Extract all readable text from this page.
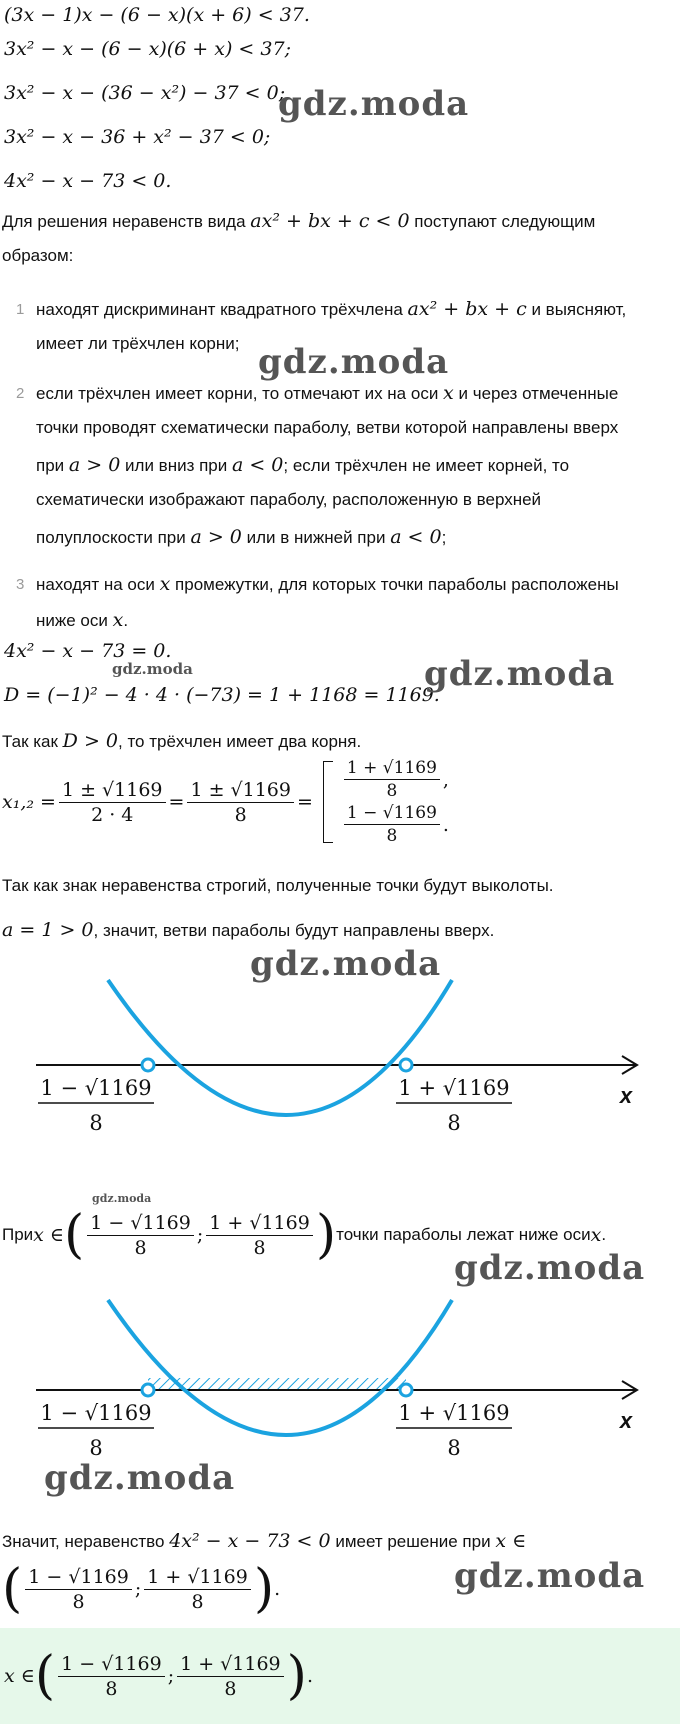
(3x − 1)x − (6 − x)(x + 6) < 37.
3x² − x − (6 − x)(6 + x) < 37;
3x² − x − (36 − x²) − 37 < 0;
3x² − x − 36 + x² − 37 < 0;
4x² − x − 73 < 0.
gdz.moda
Для решения неравенств вида ax² + bx + c < 0 поступают следующим
образом:
1 находят дискриминант квадратного трёхчлена ax² + bx + c и выясняют,
имеет ли трёхчлен корни; gdz.moda
2 если трёхчлен имеет корни, то отмечают их на оси x и через отмеченные
точки проводят схематически параболу, ветви которой направлены вверх
при a > 0 или вниз при a < 0; если трёхчлен не имеет корней, то
схематически изображают параболу, расположенную в верхней
полуплоскости при a > 0 или в нижней при a < 0;
3 находят на оси x промежутки, для которых точки параболы расположены
ниже оси x.
4x² − x − 73 = 0.
gdz.moda
D = (−1)² − 4 · 4 · (−73) = 1 + 1168 = 1169.
gdz.moda
Так как D > 0, то трёхчлен имеет два корня.
$x_1,_2 = \frac{1 \pm √1169}{2 \cdot 4} = \frac{1 \pm √1169}{8}$ =
$\frac{1 + √1169}{8}$ ,
$\frac{1 - √1169}{8}$ .
Так как знак неравенства строгий, полученные точки будут выколоты.
a = 1 > 0, значит, ветви параболы будут направлены вверх.
gdz.moda
1 − √1169
8
1 + √1169
8
x
gdz.moda
При x ∈ ( $\frac{1 - √1169}{8}$ ; $\frac{1 + √1169}{8}$ ) точки параболы лежат ниже оси x .
gdz.moda
1 − √1169
8
1 + √1169
8
x
gdz.moda
Значит, неравенство 4x² − x − 73 < 0 имеет решение при x ∈
( $\frac{1 - √1169}{8}$ ; $\frac{1 + √1169}{8}$ ) .	gdz.moda
x ∈ ( $\frac{1 - √1169}{8}$ ; $\frac{1 + √1169}{8}$ ) .
